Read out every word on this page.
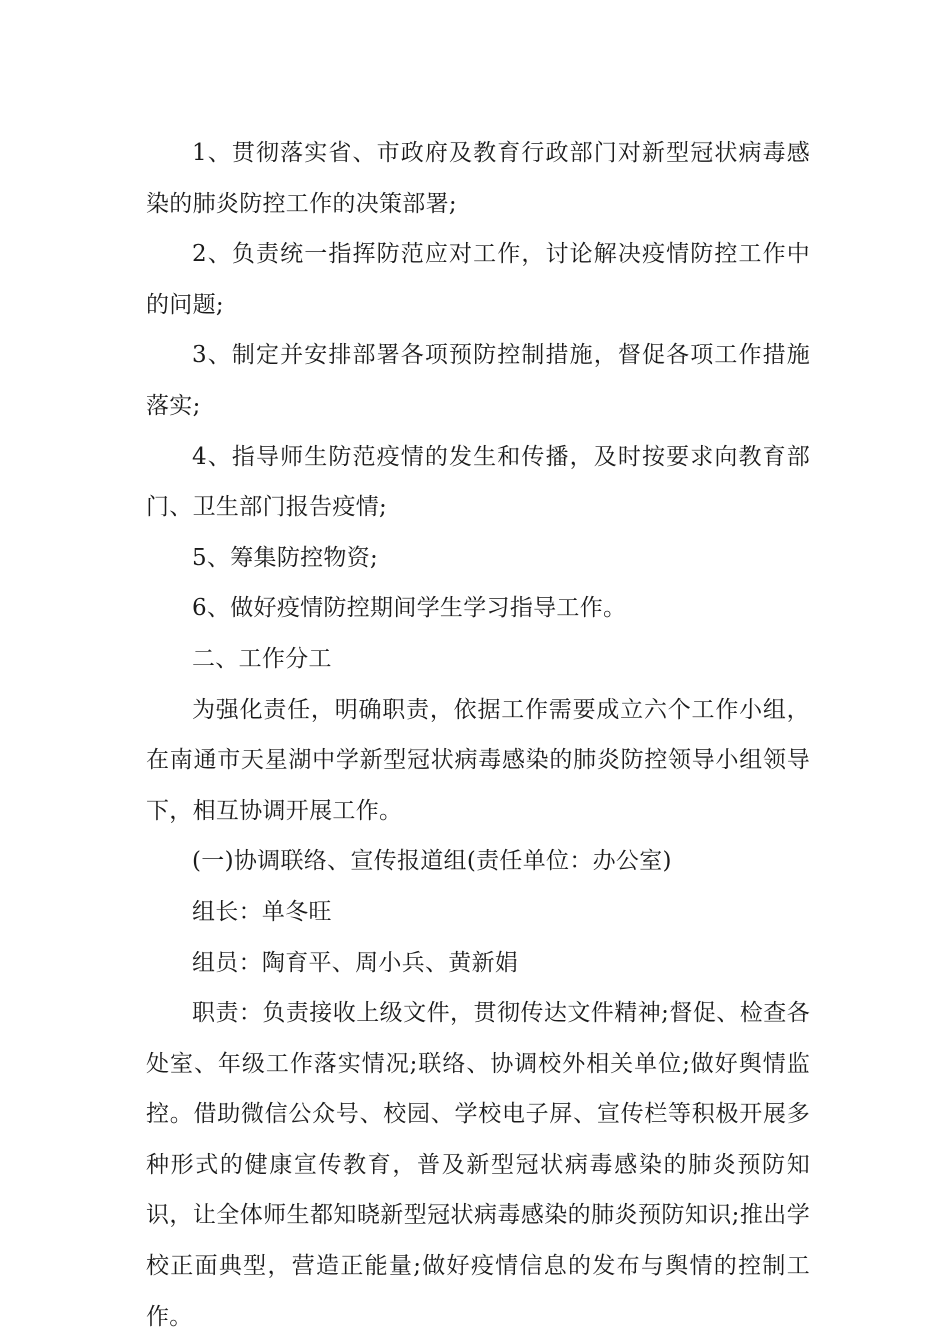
1、贯彻落实省、市政府及教育行政部门对新型冠状病毒感染的肺炎防控工作的决策部署;

2、负责统一指挥防范应对工作，讨论解决疫情防控工作中的问题;

3、制定并安排部署各项预防控制措施，督促各项工作措施落实;

4、指导师生防范疫情的发生和传播，及时按要求向教育部门、卫生部门报告疫情;

5、筹集防控物资;

6、做好疫情防控期间学生学习指导工作。

二、工作分工

为强化责任，明确职责，依据工作需要成立六个工作小组，在南通市天星湖中学新型冠状病毒感染的肺炎防控领导小组领导下，相互协调开展工作。

(一)协调联络、宣传报道组(责任单位：办公室)

组长：单冬旺

组员：陶育平、周小兵、黄新娟

职责：负责接收上级文件，贯彻传达文件精神;督促、检查各处室、年级工作落实情况;联络、协调校外相关单位;做好舆情监控。借助微信公众号、校园、学校电子屏、宣传栏等积极开展多种形式的健康宣传教育，普及新型冠状病毒感染的肺炎预防知识，让全体师生都知晓新型冠状病毒感染的肺炎预防知识;推出学校正面典型，营造正能量;做好疫情信息的发布与舆情的控制工作。
